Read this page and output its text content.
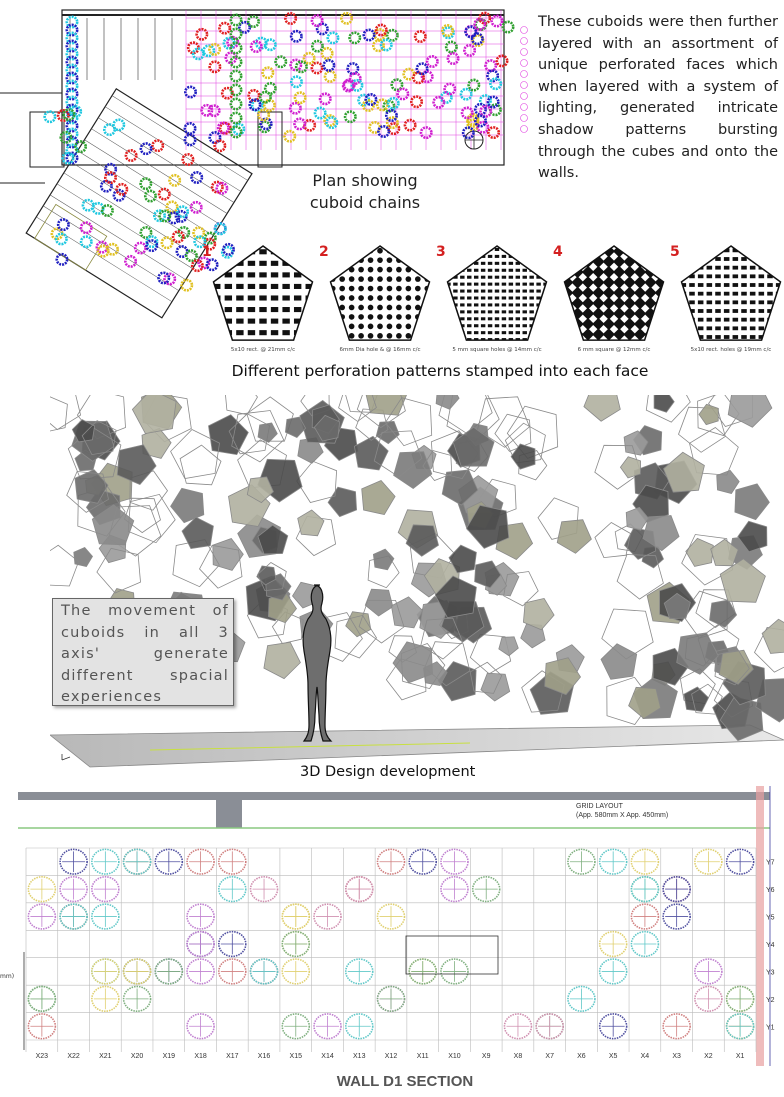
These cuboids were then further layered with an assortment of unique perforated faces which when layered with a system of lighting, generated intricate shadow patterns bursting through the cubes and onto the walls.
Plan showing
cuboid chains
1
5x10 rect. @ 21mm c/c
2
6mm Dia hole & @ 16mm c/c
3
5 mm square holes @ 14mm c/c
4
6 mm square @ 12mm c/c
5
5x10 rect. holes @ 19mm c/c
Different perforation patterns stamped into each face
The movement of cuboids in all 3 axis' generate different spacial experiences
3D Design development
GRID LAYOUT
(App. 580mm X App. 450mm)
mm)
Y7
Y6
Y5
Y4
Y3
Y2
Y1
X23	X22	X21	X20	X19	X18	X17	X16	X15	X14	X13	X12	X11	X10	X9	X8	X7	X6	X5	X4	X3	X2	X1
WALL D1 SECTION
